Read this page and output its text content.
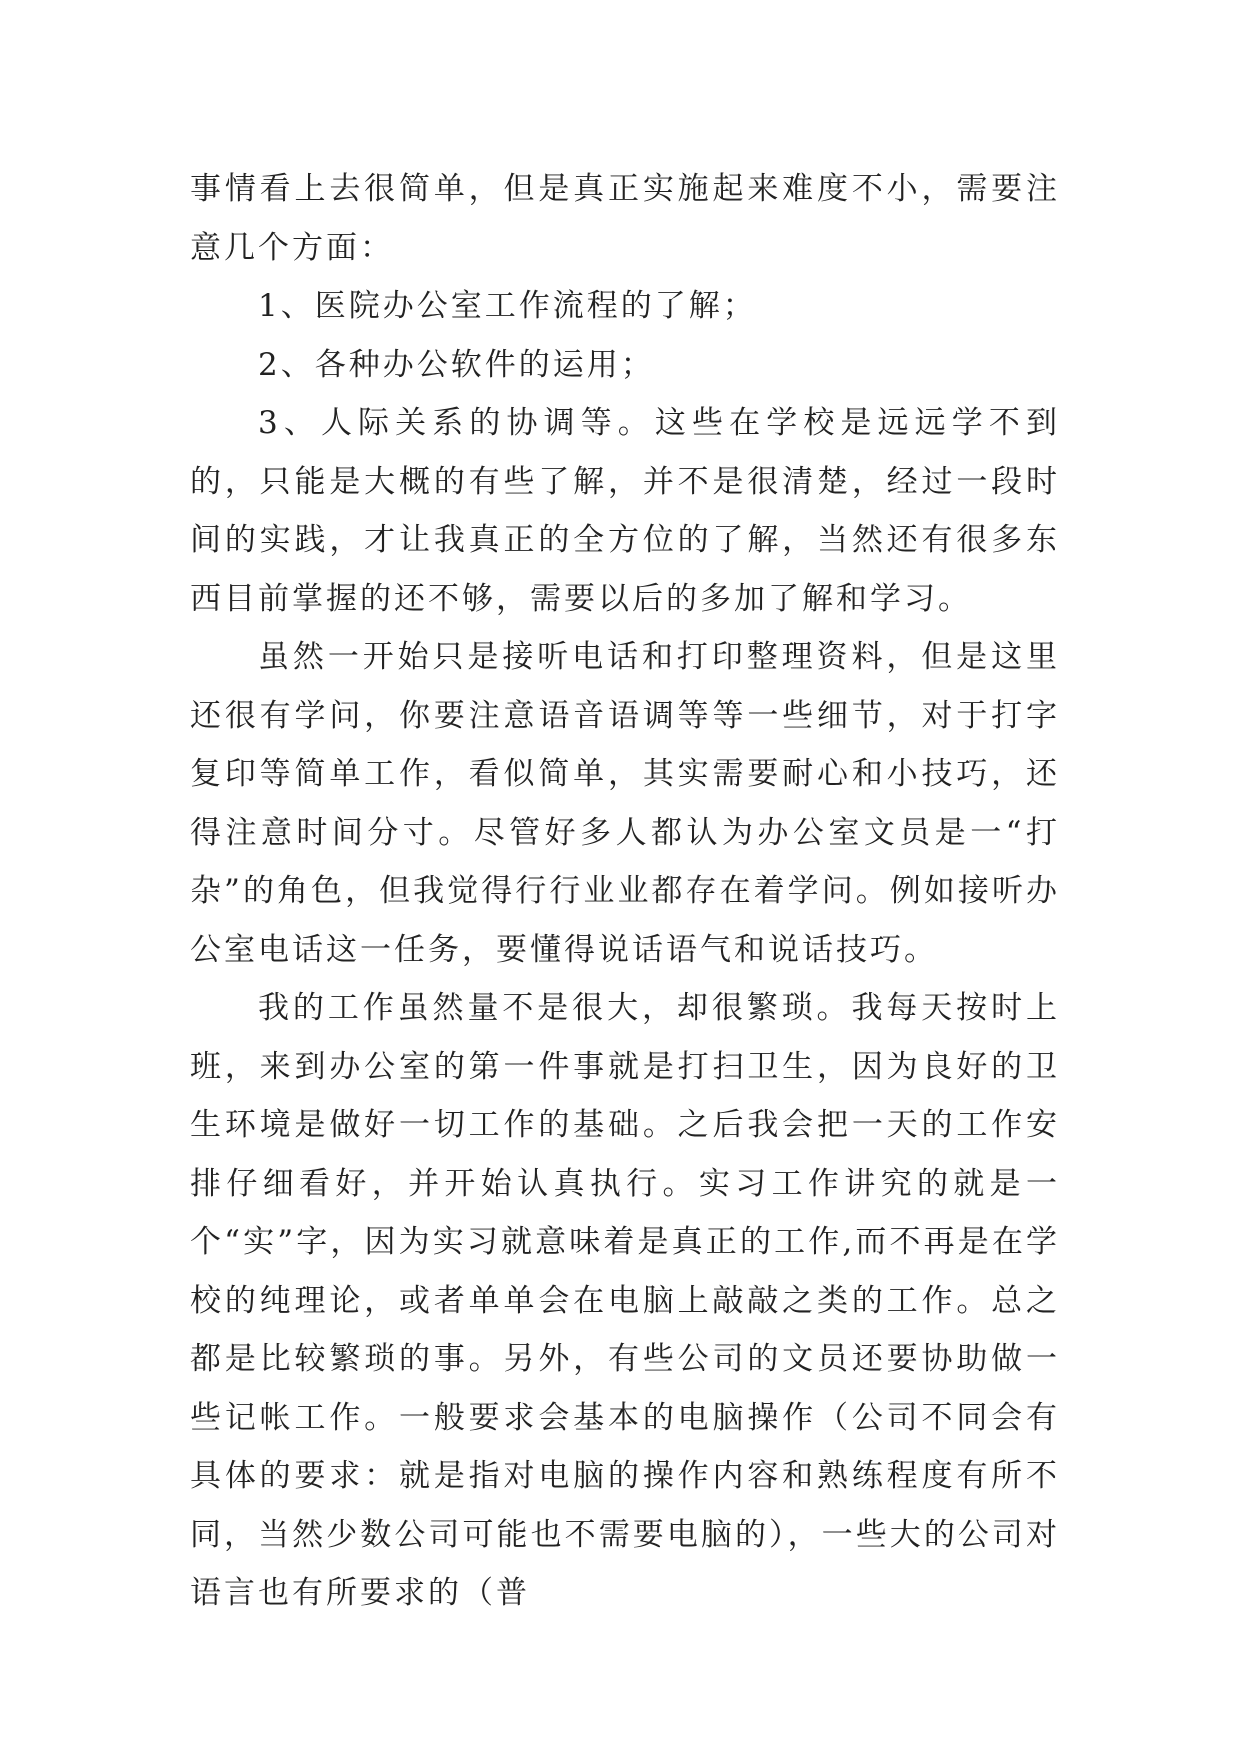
事情看上去很简单，但是真正实施起来难度不小，需要注意几个方面：

1、医院办公室工作流程的了解；

2、各种办公软件的运用；

3、人际关系的协调等。这些在学校是远远学不到的，只能是大概的有些了解，并不是很清楚，经过一段时间的实践，才让我真正的全方位的了解，当然还有很多东西目前掌握的还不够，需要以后的多加了解和学习。

虽然一开始只是接听电话和打印整理资料，但是这里还很有学问，你要注意语音语调等等一些细节，对于打字复印等简单工作，看似简单，其实需要耐心和小技巧，还得注意时间分寸。尽管好多人都认为办公室文员是一“打杂”的角色，但我觉得行行业业都存在着学问。例如接听办公室电话这一任务，要懂得说话语气和说话技巧。

我的工作虽然量不是很大，却很繁琐。我每天按时上班，来到办公室的第一件事就是打扫卫生，因为良好的卫生环境是做好一切工作的基础。之后我会把一天的工作安排仔细看好，并开始认真执行。实习工作讲究的就是一个“实”字，因为实习就意味着是真正的工作,而不再是在学校的纯理论，或者单单会在电脑上敲敲之类的工作。总之都是比较繁琐的事。另外，有些公司的文员还要协助做一些记帐工作。一般要求会基本的电脑操作（公司不同会有具体的要求：就是指对电脑的操作内容和熟练程度有所不同，当然少数公司可能也不需要电脑的），一些大的公司对语言也有所要求的（普
